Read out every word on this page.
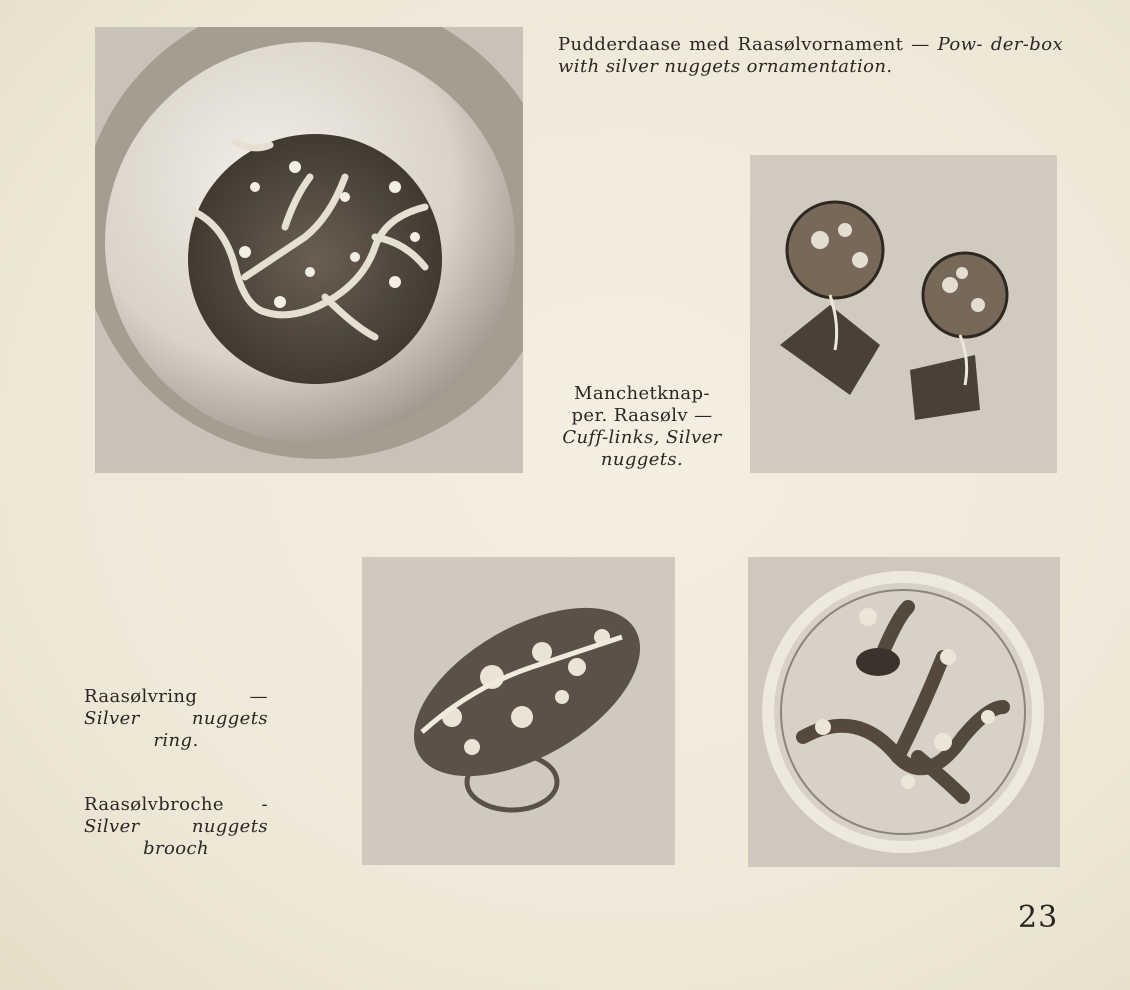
Pudderdaase med Raasølvornament — Pow- der-box with silver nuggets ornamentation.
Manchetknap-
per. Raasølv —
Cuff-links, Silver
nuggets.
Raasølvring —
Silver nuggets
ring.
Raasølvbroche -
Silver nuggets
brooch
23
